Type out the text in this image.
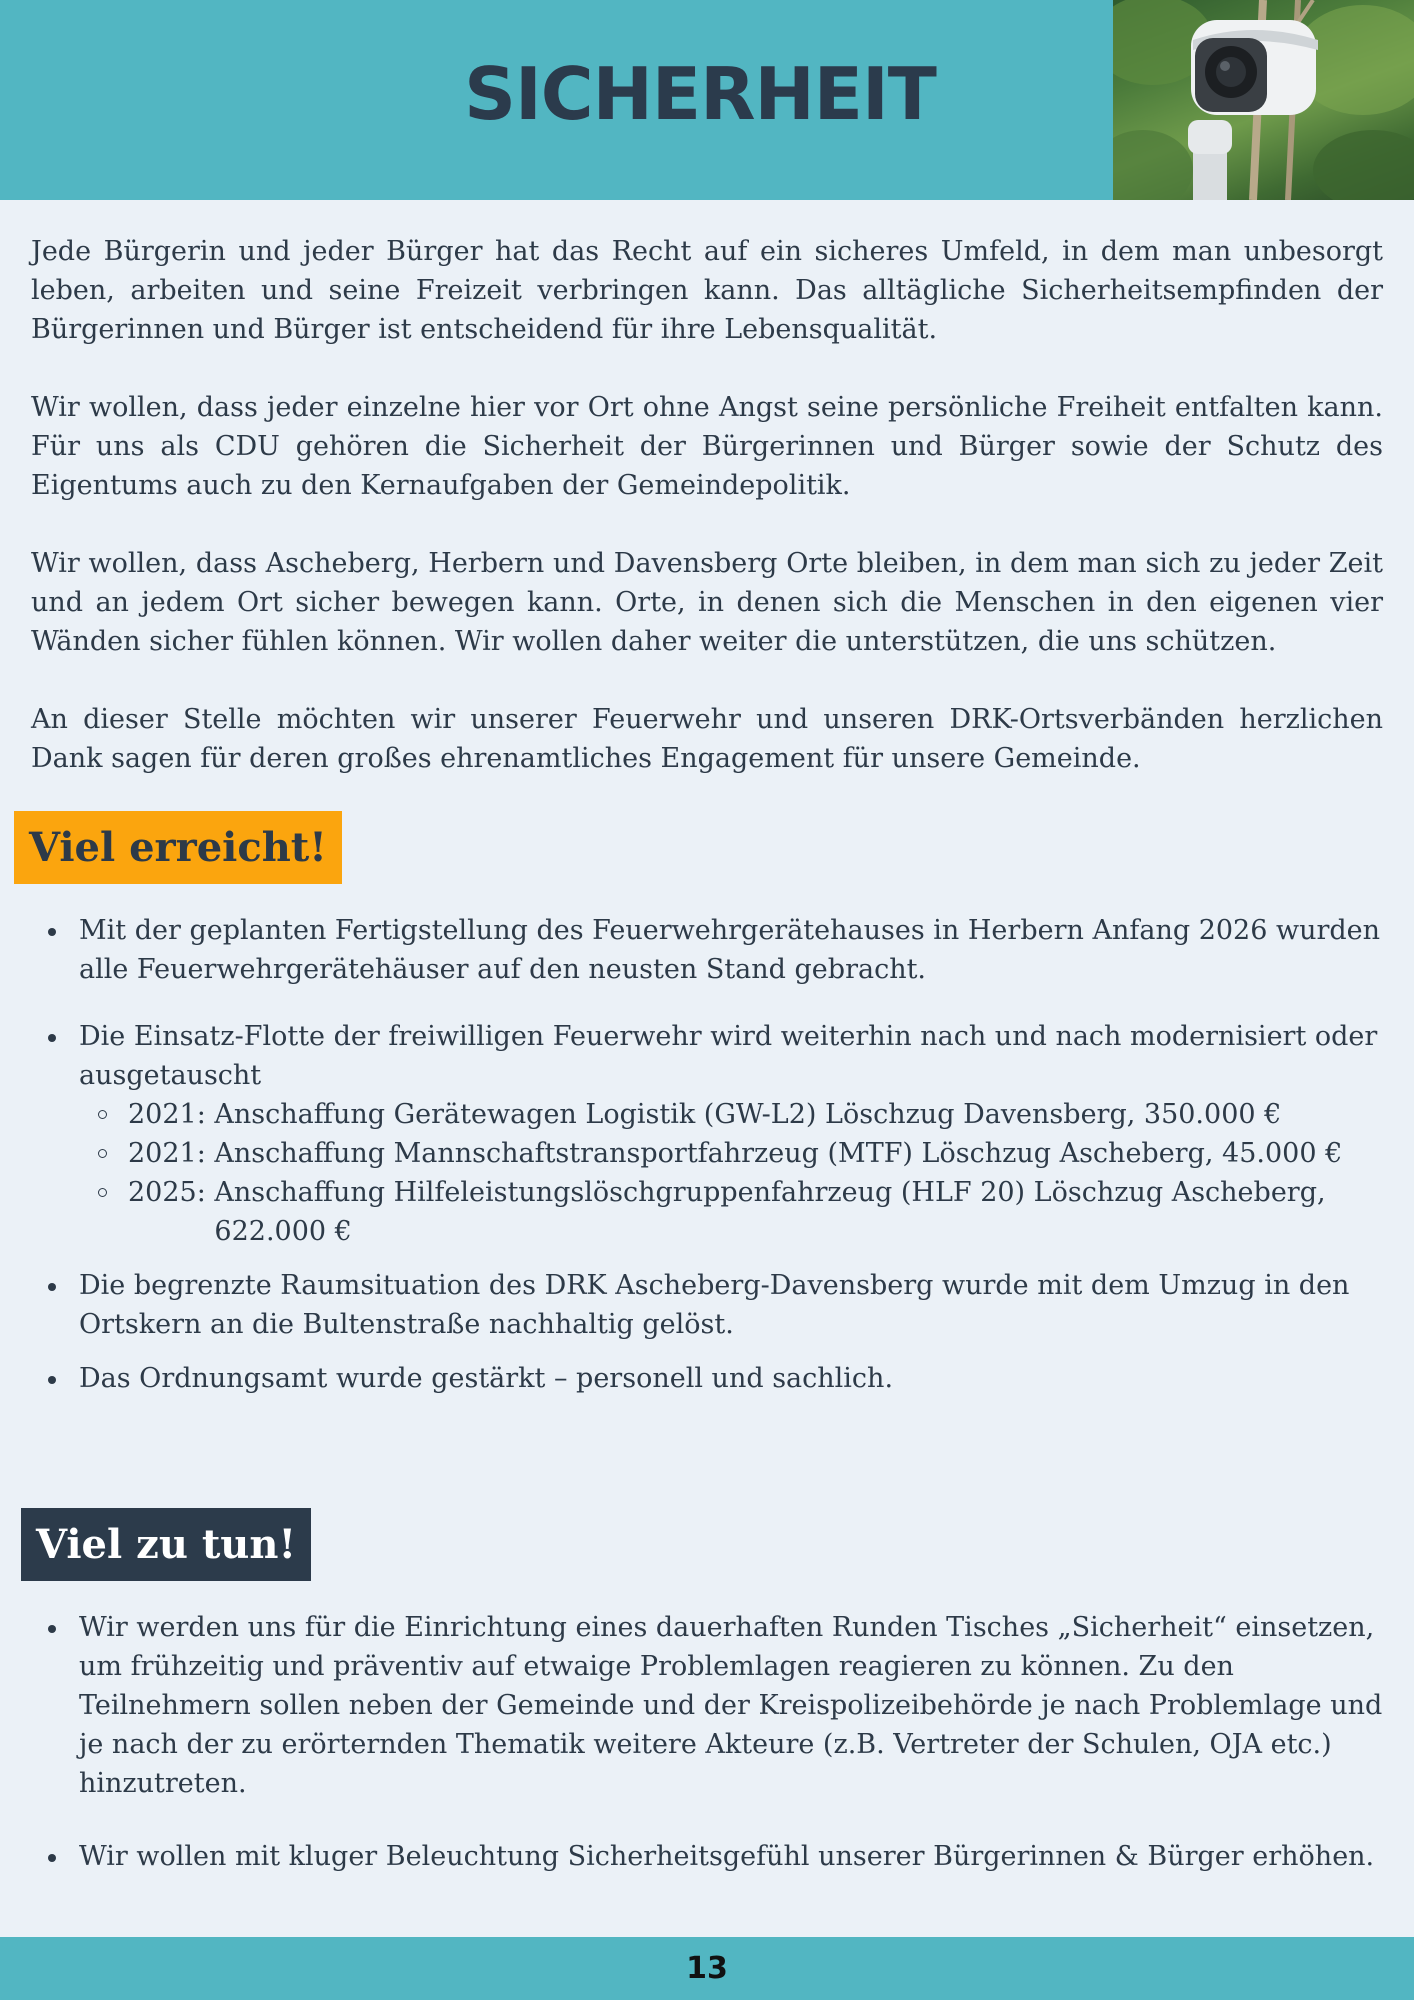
SICHERHEIT

Jede Bürgerin und jeder Bürger hat das Recht auf ein sicheres Umfeld, in dem man unbesorgt leben, arbeiten und seine Freizeit verbringen kann. Das alltägliche Sicherheitsempfinden der Bürgerinnen und Bürger ist entscheidend für ihre Lebensqualität.

Wir wollen, dass jeder einzelne hier vor Ort ohne Angst seine persönliche Freiheit entfalten kann. Für uns als CDU gehören die Sicherheit der Bürgerinnen und Bürger sowie der Schutz des Eigentums auch zu den Kernaufgaben der Gemeindepolitik.

Wir wollen, dass Ascheberg, Herbern und Davensberg Orte bleiben, in dem man sich zu jeder Zeit und an jedem Ort sicher bewegen kann. Orte, in denen sich die Menschen in den eigenen vier Wänden sicher fühlen können. Wir wollen daher weiter die unterstützen, die uns schützen.

An dieser Stelle möchten wir unserer Feuerwehr und unseren DRK-Ortsverbänden herzlichen Dank sagen für deren großes ehrenamtliches Engagement für unsere Gemeinde.

Viel erreicht!
Mit der geplanten Fertigstellung des Feuerwehrgerätehauses in Herbern Anfang 2026 wurden alle Feuerwehrgerätehäuser auf den neusten Stand gebracht.
Die Einsatz-Flotte der freiwilligen Feuerwehr wird weiterhin nach und nach modernisiert oder ausgetauscht
2021: Anschaffung Gerätewagen Logistik (GW-L2) Löschzug Davensberg, 350.000 €
2021: Anschaffung Mannschaftstransportfahrzeug (MTF) Löschzug Ascheberg, 45.000 €
2025: Anschaffung Hilfeleistungslöschgruppenfahrzeug (HLF 20) Löschzug Ascheberg, 622.000 €
Die begrenzte Raumsituation des DRK Ascheberg-Davensberg wurde mit dem Umzug in den Ortskern an die Bultenstraße nachhaltig gelöst.
Das Ordnungsamt wurde gestärkt – personell und sachlich.
Viel zu tun!
Wir werden uns für die Einrichtung eines dauerhaften Runden Tisches „Sicherheit“ einsetzen, um frühzeitig und präventiv auf etwaige Problemlagen reagieren zu können. Zu den Teilnehmern sollen neben der Gemeinde und der Kreispolizeibehörde je nach Problemlage und je nach der zu erörternden Thematik weitere Akteure (z.B. Vertreter der Schulen, OJA etc.) hinzutreten.
Wir wollen mit kluger Beleuchtung Sicherheitsgefühl unserer Bürgerinnen & Bürger erhöhen.
13
